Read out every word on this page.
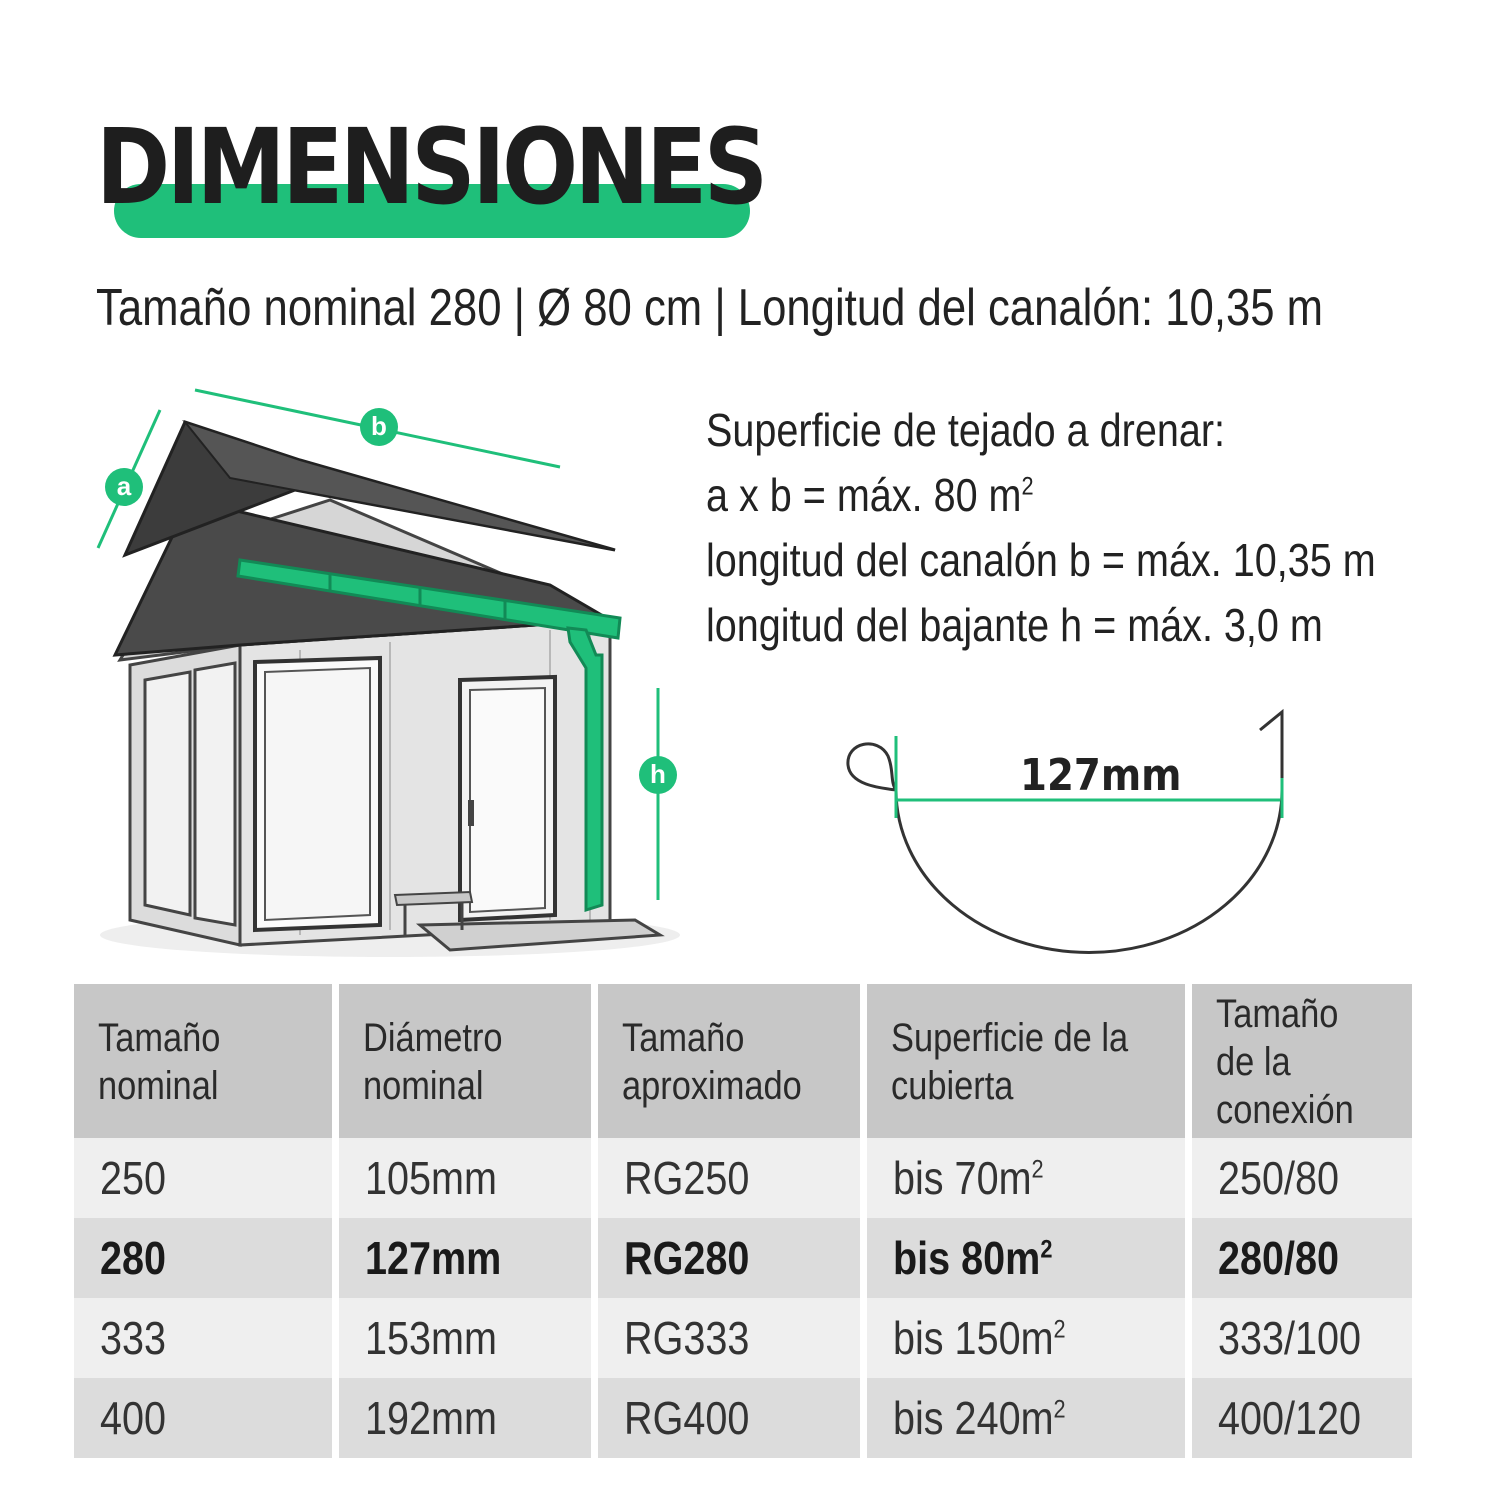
DIMENSIONES
Tamaño nominal 280 | Ø 80 cm | Longitud del canalón: 10,35 m
a
b
h
Superficie de tejado a drenar:
a x b = máx. 80 $m^2$
longitud del canalón b = máx. 10,35 m
longitud del bajante h = máx. 3,0 m
127mm
Tamaño nominal	Diámetro nominal	Tamaño aproximado	Superficie de la cubierta	Tamaño de la conexión
250	105mm	RG250	bis $70m^2$	250/80
280	127mm	RG280	bis $80m^2$	280/80
333	153mm	RG333	bis $150m^2$	333/100
400	192mm	RG400	bis $240m^2$	400/120
